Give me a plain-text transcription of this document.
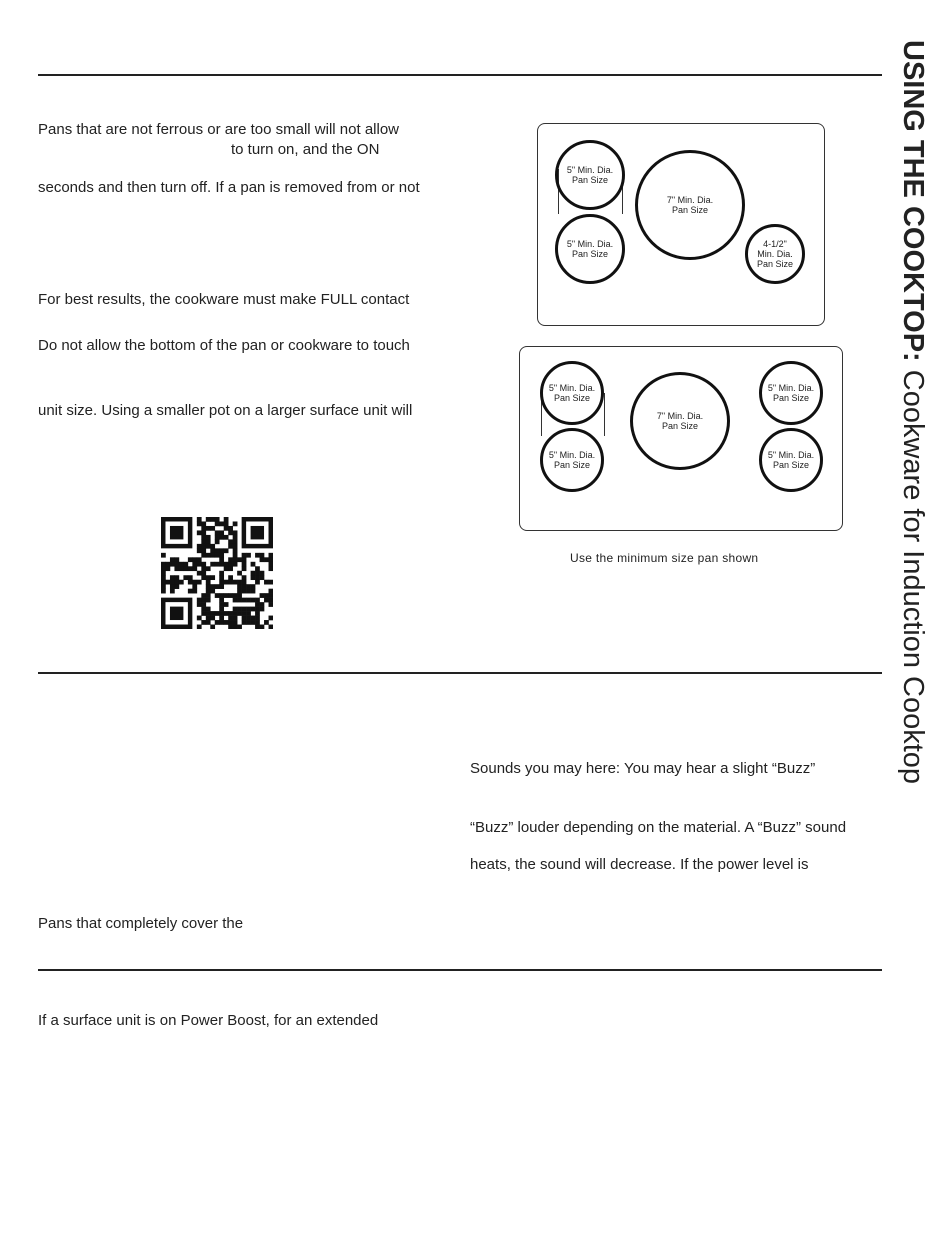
USING THE COOKTOP: Cookware for Induction Cooktop
Pans that are not ferrous or are too small will not allow
to turn on, and the ON
seconds and then turn off. If a pan is removed from or not
For best results, the cookware must make FULL contact
Do not allow the bottom of the pan or cookware to touch
unit size. Using a smaller pot on a larger surface unit will
5" Min. Dia.
Pan Size
5" Min. Dia.
Pan Size
7" Min. Dia.
Pan Size
4-1/2"
Min. Dia.
Pan Size
5" Min. Dia.
Pan Size
5" Min. Dia.
Pan Size
7" Min. Dia.
Pan Size
5" Min. Dia.
Pan Size
5" Min. Dia.
Pan Size
Use the minimum size pan shown
Sounds you may here: You may hear a slight “Buzz”
“Buzz” louder depending on the material. A “Buzz” sound
heats, the sound will decrease. If the power level is
Pans that completely cover the
If a surface unit is on Power Boost, for an extended
